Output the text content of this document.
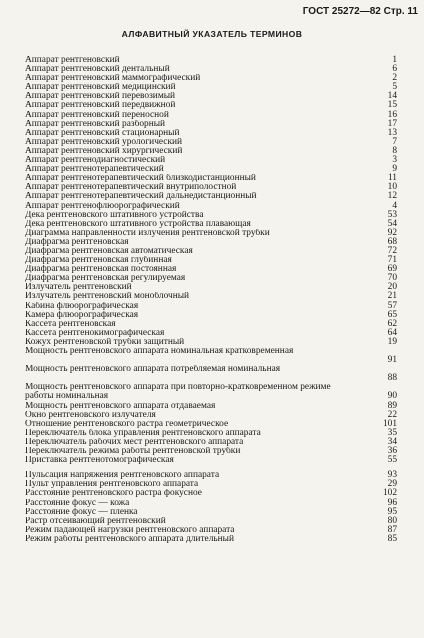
ГОСТ 25272—82 Стр. 11
АЛФАВИТНЫЙ УКАЗАТЕЛЬ ТЕРМИНОВ
Аппарат рентгеновский	1
Аппарат рентгеновский дентальный	6
Аппарат рентгеновский маммографический	2
Аппарат рентгеновский медицинский	5
Аппарат рентгеновский перевозимый	14
Аппарат рентгеновский передвижной	15
Аппарат рентгеновский переносной	16
Аппарат рентгеновский разборный	17
Аппарат рентгеновский стационарный	13
Аппарат рентгеновский урологический	7
Аппарат рентгеновский хирургический	8
Аппарат рентгенодиагностический	3
Аппарат рентгенотерапевтический	9
Аппарат рентгенотерапевтический близкодистанционный	11
Аппарат рентгенотерапевтический внутриполостной	10
Аппарат рентгенотерапевтический дальнедистанционный	12
Аппарат рентгенофлюорографический	4
Дека рентгеновского штативного устройства	53
Дека рентгеновского штативного устройства плавающая	54
Диаграмма направленности излучения рентгеновской трубки	92
Диафрагма рентгеновская	68
Диафрагма рентгеновская автоматическая	72
Диафрагма рентгеновская глубинная	71
Диафрагма рентгеновская постоянная	69
Диафрагма рентгеновская регулируемая	70
Излучатель рентгеновский	20
Излучатель рентгеновский моноблочный	21
Кабина флюорографическая	57
Камера флюорографическая	65
Кассета рентгеновская	62
Кассета рентгенокимографическая	64
Кожух рентгеновской трубки защитный	19
Мощность рентгеновского аппарата номинальная кратковременная
91
Мощность рентгеновского аппарата потребляемая номинальная
88
Мощность рентгеновского аппарата при повторно-кратковременном режиме работы номинальная	90
Мощность рентгеновского аппарата отдаваемая	89
Окно рентгеновского излучателя	22
Отношение рентгеновского растра геометрическое	101
Переключатель блока управления рентгеновского аппарата	35
Переключатель рабочих мест рентгеновского аппарата	34
Переключатель режима работы рентгеновской трубки	36
Приставка рентгенотомографическая	55
Пульсация напряжения рентгеновского аппарата	93
Пульт управления рентгеновского аппарата	29
Расстояние рентгеновского растра фокусное	102
Расстояние фокус — кожа	96
Расстояние фокус — пленка	95
Растр отсеивающий рентгеновский	80
Режим падающей нагрузки рентгеновского аппарата	87
Режим работы рентгеновского аппарата длительный	85
